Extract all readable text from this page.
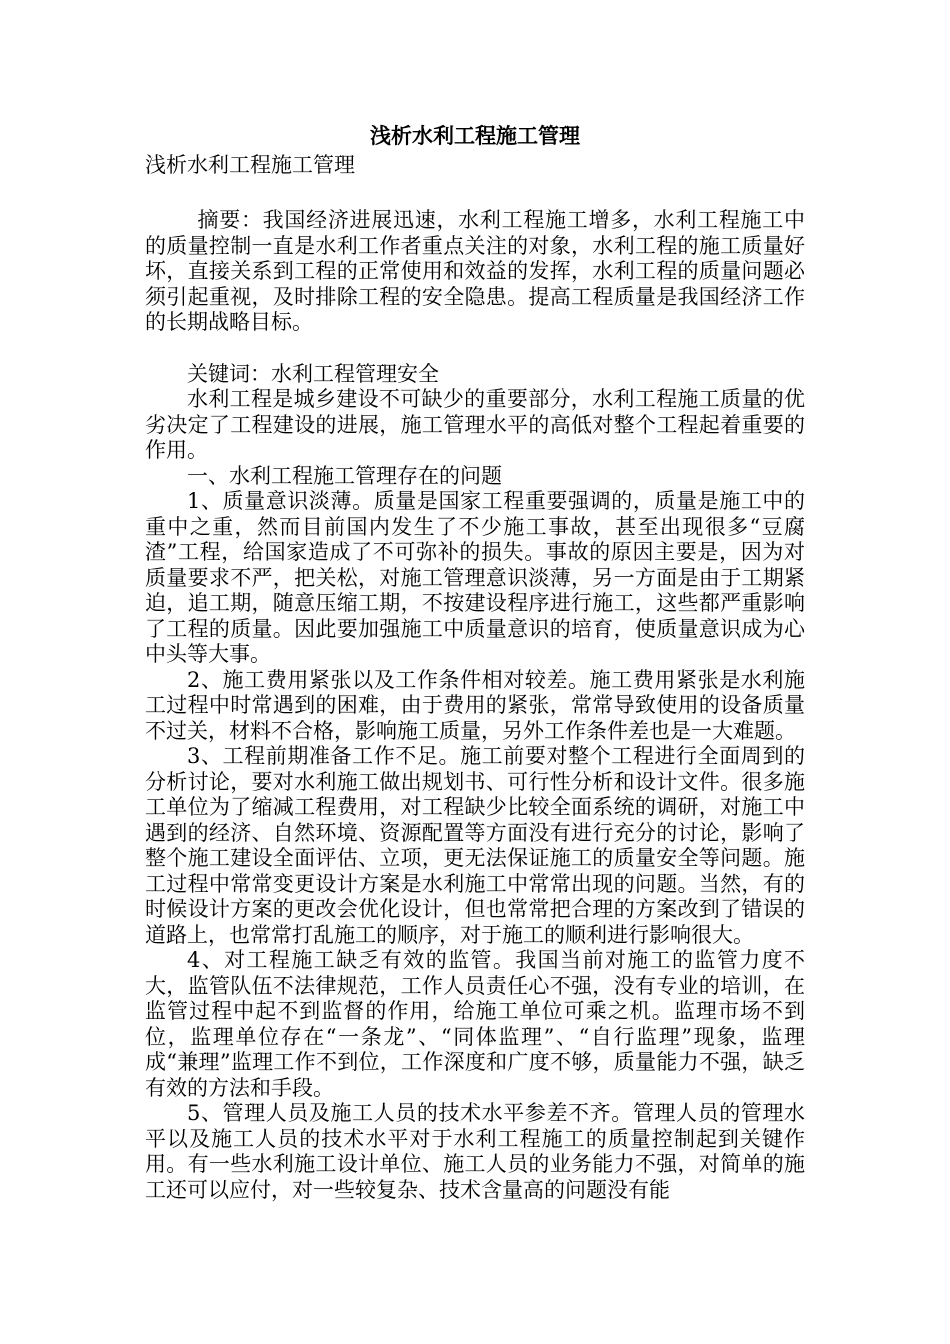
浅析水利工程施工管理

浅析水利工程施工管理

摘要：我国经济进展迅速，水利工程施工增多，水利工程施工中的质量控制一直是水利工作者重点关注的对象，水利工程的施工质量好坏，直接关系到工程的正常使用和效益的发挥，水利工程的质量问题必须引起重视，及时排除工程的安全隐患。提高工程质量是我国经济工作的长期战略目标。

关键词：水利工程管理安全

水利工程是城乡建设不可缺少的重要部分，水利工程施工质量的优劣决定了工程建设的进展，施工管理水平的高低对整个工程起着重要的作用。

一、水利工程施工管理存在的问题

1、质量意识淡薄。质量是国家工程重要强调的，质量是施工中的重中之重，然而目前国内发生了不少施工事故，甚至出现很多“豆腐渣”工程，给国家造成了不可弥补的损失。事故的原因主要是，因为对质量要求不严，把关松，对施工管理意识淡薄，另一方面是由于工期紧迫，追工期，随意压缩工期，不按建设程序进行施工，这些都严重影响了工程的质量。因此要加强施工中质量意识的培育，使质量意识成为心中头等大事。

2、施工费用紧张以及工作条件相对较差。施工费用紧张是水利施工过程中时常遇到的困难，由于费用的紧张，常常导致使用的设备质量不过关，材料不合格，影响施工质量，另外工作条件差也是一大难题。

3、工程前期准备工作不足。施工前要对整个工程进行全面周到的分析讨论，要对水利施工做出规划书、可行性分析和设计文件。很多施工单位为了缩减工程费用，对工程缺少比较全面系统的调研，对施工中遇到的经济、自然环境、资源配置等方面没有进行充分的讨论，影响了整个施工建设全面评估、立项，更无法保证施工的质量安全等问题。施工过程中常常变更设计方案是水利施工中常常出现的问题。当然，有的时候设计方案的更改会优化设计，但也常常把合理的方案改到了错误的道路上，也常常打乱施工的顺序，对于施工的顺利进行影响很大。

4、对工程施工缺乏有效的监管。我国当前对施工的监管力度不大，监管队伍不法律规范，工作人员责任心不强，没有专业的培训，在监管过程中起不到监督的作用，给施工单位可乘之机。监理市场不到位，监理单位存在“一条龙”、“同体监理”、“自行监理”现象，监理成“兼理”监理工作不到位，工作深度和广度不够，质量能力不强，缺乏有效的方法和手段。

5、管理人员及施工人员的技术水平参差不齐。管理人员的管理水平以及施工人员的技术水平对于水利工程施工的质量控制起到关键作用。有一些水利施工设计单位、施工人员的业务能力不强，对简单的施工还可以应付，对一些较复杂、技术含量高的问题没有能
